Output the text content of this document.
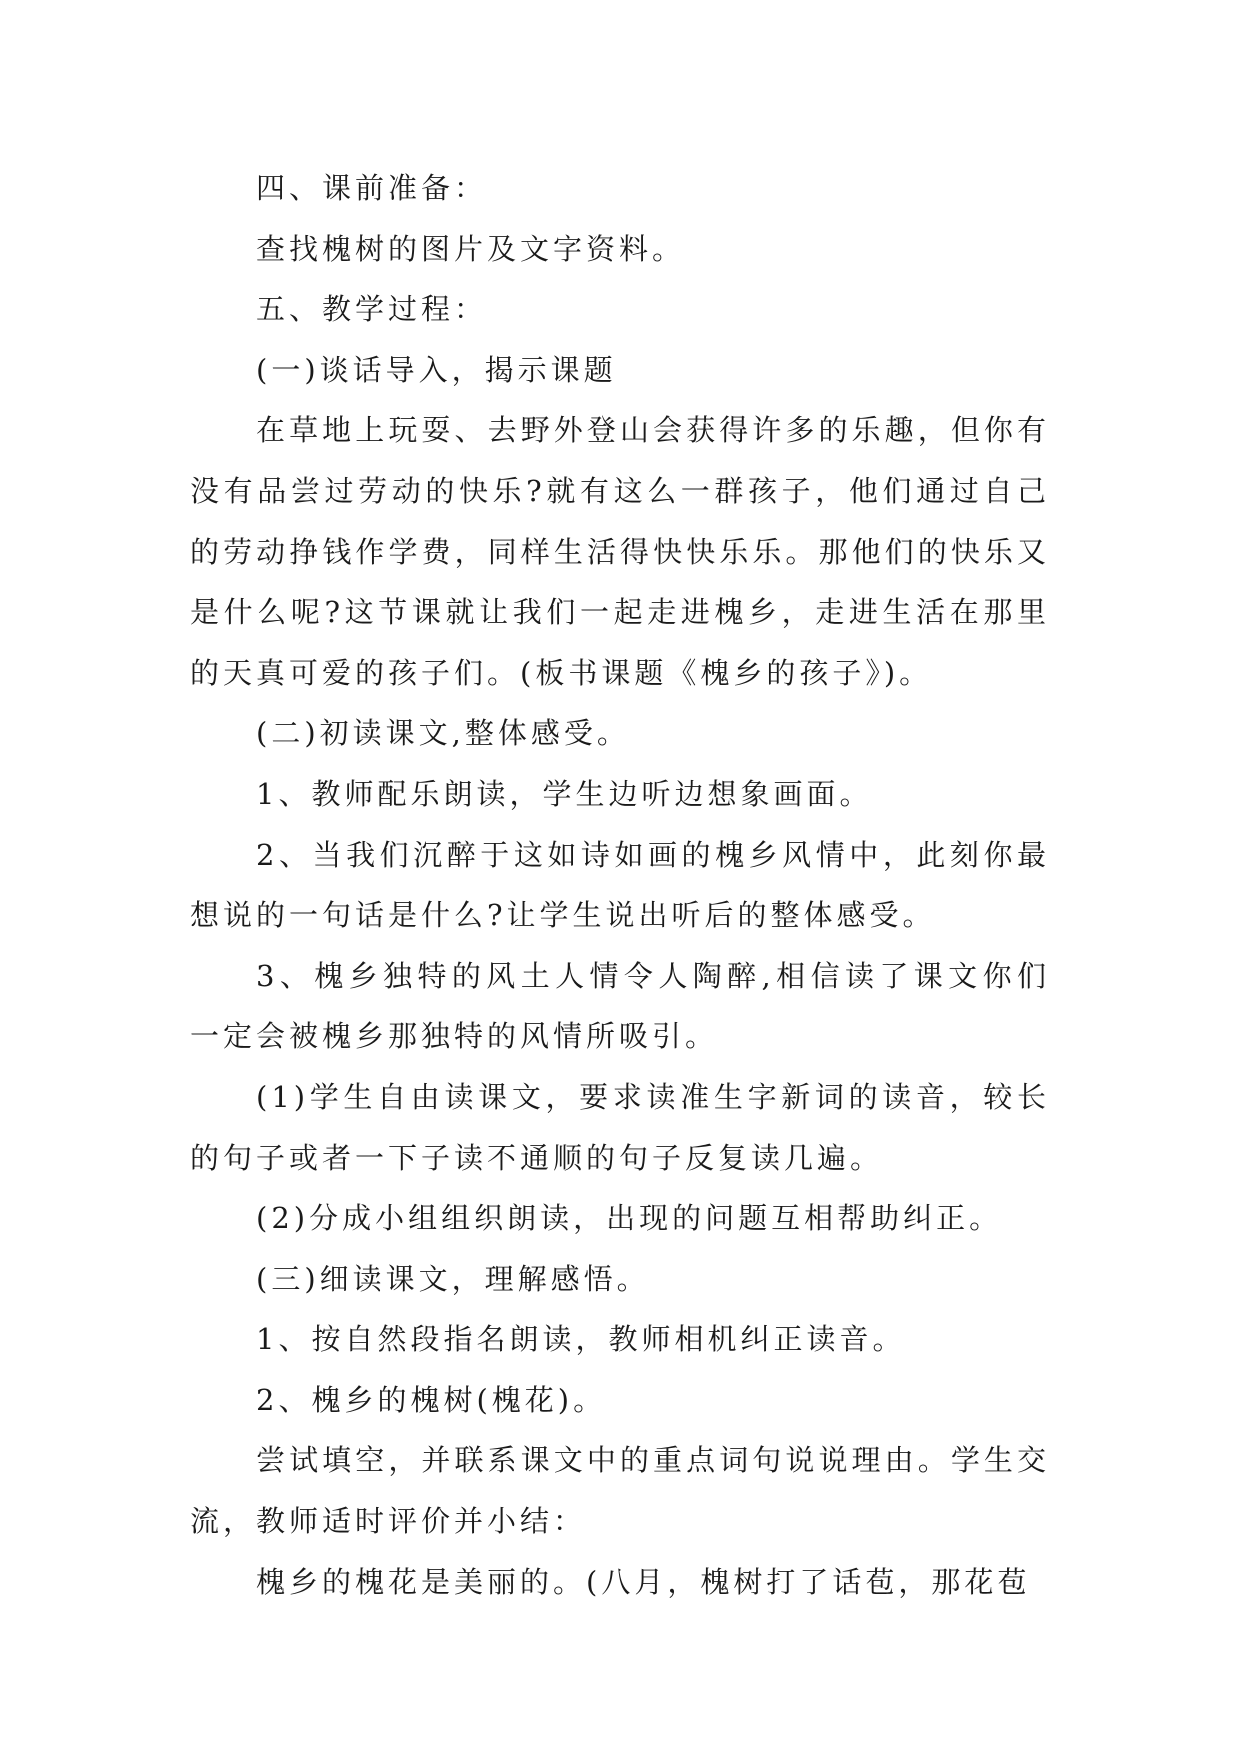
四、课前准备：

查找槐树的图片及文字资料。

五、教学过程：

(一)谈话导入，揭示课题

在草地上玩耍、去野外登山会获得许多的乐趣，但你有没有品尝过劳动的快乐?就有这么一群孩子，他们通过自己的劳动挣钱作学费，同样生活得快快乐乐。那他们的快乐又是什么呢?这节课就让我们一起走进槐乡，走进生活在那里的天真可爱的孩子们。(板书课题《槐乡的孩子》)。

(二)初读课文,整体感受。

1、教师配乐朗读，学生边听边想象画面。

2、当我们沉醉于这如诗如画的槐乡风情中，此刻你最想说的一句话是什么?让学生说出听后的整体感受。

3、槐乡独特的风土人情令人陶醉,相信读了课文你们一定会被槐乡那独特的风情所吸引。

(1)学生自由读课文，要求读准生字新词的读音，较长的句子或者一下子读不通顺的句子反复读几遍。

(2)分成小组组织朗读，出现的问题互相帮助纠正。

(三)细读课文，理解感悟。

1、按自然段指名朗读，教师相机纠正读音。

2、槐乡的槐树(槐花)。

尝试填空，并联系课文中的重点词句说说理由。学生交流，教师适时评价并小结：

槐乡的槐花是美丽的。(八月，槐树打了话苞，那花苞
